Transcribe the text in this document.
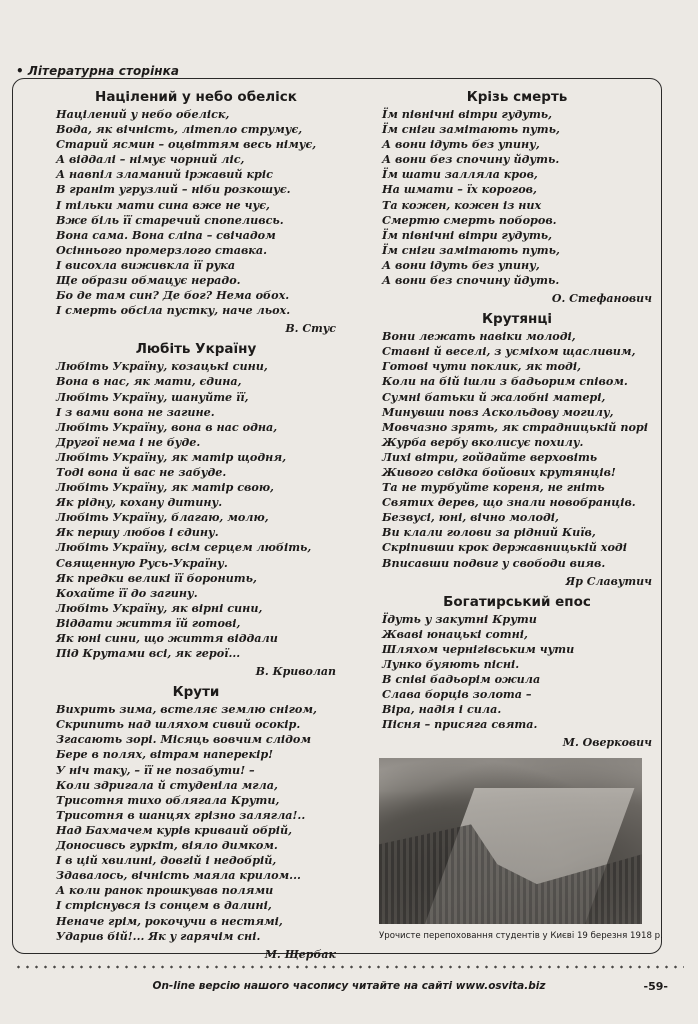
• Літературна сторінка
Націлений у небо обеліск
Націлений у небо обеліск,
Вода, як вічність, літепло струмує,
Старий ясмин – оцвіттям весь німує,
А віддалі – німує чорний ліс,
А навпіл зламаний іржавий кріс
В граніт угрузлий – ніби розкошує.
І тільки мати сина вже не чує,
Вже біль її старечий спопеливсь.
Вона сама. Вона сліпа – свічадом
Осіннього промерзлого ставка.
І висохла виживкла її рука
Ще образи обмацує нерадо.
Бо де там син? Де бог? Нема обох.
І смерть обсіла пустку, наче льох.
В. Стус
Любіть Україну
Любіть Україну, козацькі сини,
Вона в нас, як мати, єдина,
Любіть Україну, шануйте її,
І з вами вона не загине.
Любіть Україну, вона в нас одна,
Другої нема і не буде.
Любіть Україну, як матір щодня,
Тоді вона й вас не забуде.
Любіть Україну, як матір свою,
Як рідну, кохану дитину.
Любіть Україну, благаю, молю,
Як першу любов і єдину.
Любіть Україну, всім серцем любіть,
Священную Русь-Україну.
Як предки великі її боронить,
Кохайте її до загину.
Любіть Україну, як вірні сини,
Віддати життя їй готові,
Як юні сини, що життя віддали
Під Крутами всі, як герої...
В. Криволап
Крути
Вихрить зима, встеляє землю снігом,
Скрипить над шляхом сивий осокір.
Згасають зорі. Місяць вовчим слідом
Бере в полях, вітрам наперекір!
У ніч таку, – її не позабути! –
Коли здригала й студеніла мгла,
Трисотня тихо облягала Крути,
Трисотня в шанцях грізно залягла!..
Над Бахмачем курів криваий обрій,
Доносивсь гуркіт, віяло димком.
І в цій хвилині, довгій і недобрій,
Здавалось, вічність маяла крилом...
А коли ранок прошкував полями
І стріснувся із сонцем в далині,
Неначе грім, рокочучи в нестямі,
Ударив бій!... Як у гарячім сні.
М. Щербак
Крізь смерть
Їм північні вітри гудуть,
Їм сніги замітають путь,
А вони ідуть без упину,
А вони без спочину йдуть.
Їм шати залляла кров,
На шмати – їх корогов,
Та кожен, кожен із них
Смертю смерть поборов.
Їм північні вітри гудуть,
Їм сніги замітають путь,
А вони ідуть без упину,
А вони без спочину йдуть.
О. Стефанович
Крутянці
Вони лежать навіки молоді,
Ставні й веселі, з усміхом щасливим,
Готові чути поклик, як тоді,
Коли на бій ішли з бадьорим співом.
Сумні батьки й жалобні матері,
Минувши повз Аскольдову могилу,
Мовчазно зрять, як страдницькій порі
Журба вербу вколисує похилу.
Лихі вітри, гойдайте верховіть
Живого свідка бойових крутянців!
Та не турбуйте кореня, не гніть
Святих дерев, що знали новобранців.
Безвусі, юні, вічно молоді,
Ви клали голови за рідний Київ,
Скріпивши крок державницькій ході
Вписавши подвиг у свободи вияв.
Яр Славутич
Богатирський епос
Їдуть у закутні Крути
Жваві юнацькі сотні,
Шляхом чернігівським чути
Лунко буяють пісні.
В співі бадьорім ожила
Слава борців золота –
Віра, надія і сила.
Пісня – присяга свята.
М. Оверкович
Урочисте перепоховання студентів у Києві 19 березня 1918 р.
On-line версію нашого часопису читайте на сайті www.osvita.biz	-59-
